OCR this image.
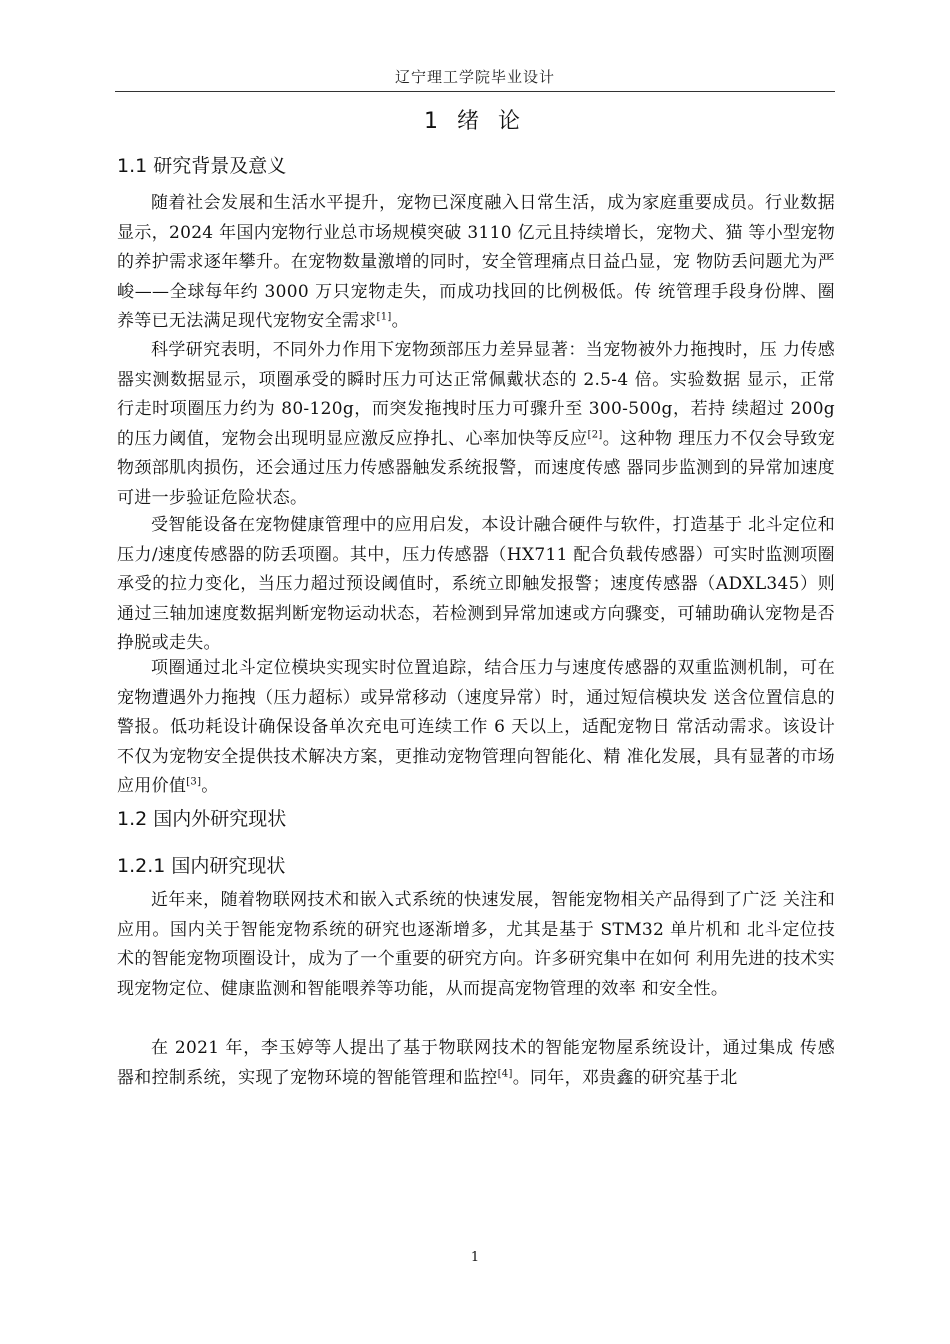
辽宁理工学院毕业设计
1 绪 论
1.1 研究背景及意义

随着社会发展和生活水平提升，宠物已深度融入日常生活，成为家庭重要成员。行业数据显示，2024 年国内宠物行业总市场规模突破 3110 亿元且持续增长，宠物犬、猫 等小型宠物的养护需求逐年攀升。在宠物数量激增的同时，安全管理痛点日益凸显，宠 物防丢问题尤为严峻——全球每年约 3000 万只宠物走失，而成功找回的比例极低。传 统管理手段身份牌、圈养等已无法满足现代宠物安全需求[1]。

科学研究表明，不同外力作用下宠物颈部压力差异显著：当宠物被外力拖拽时，压 力传感器实测数据显示，项圈承受的瞬时压力可达正常佩戴状态的 2.5-4 倍。实验数据 显示，正常行走时项圈压力约为 80-120g，而突发拖拽时压力可骤升至 300-500g，若持 续超过 200g 的压力阈值，宠物会出现明显应激反应挣扎、心率加快等反应[2]。这种物 理压力不仅会导致宠物颈部肌肉损伤，还会通过压力传感器触发系统报警，而速度传感 器同步监测到的异常加速度可进一步验证危险状态。

受智能设备在宠物健康管理中的应用启发，本设计融合硬件与软件，打造基于 北斗定位和压力/速度传感器的防丢项圈。其中，压力传感器（HX711 配合负载传感器）可实时监测项圈承受的拉力变化，当压力超过预设阈值时，系统立即触发报警；速度传感器（ADXL345）则通过三轴加速度数据判断宠物运动状态，若检测到异常加速或方向骤变，可辅助确认宠物是否挣脱或走失。

项圈通过北斗定位模块实现实时位置追踪，结合压力与速度传感器的双重监测机制，可在宠物遭遇外力拖拽（压力超标）或异常移动（速度异常）时，通过短信模块发 送含位置信息的警报。低功耗设计确保设备单次充电可连续工作 6 天以上，适配宠物日 常活动需求。该设计不仅为宠物安全提供技术解决方案，更推动宠物管理向智能化、精 准化发展，具有显著的市场应用价值[3]。

1.2 国内外研究现状
1.2.1 国内研究现状

近年来，随着物联网技术和嵌入式系统的快速发展，智能宠物相关产品得到了广泛 关注和应用。国内关于智能宠物系统的研究也逐渐增多，尤其是基于 STM32 单片机和 北斗定位技术的智能宠物项圈设计，成为了一个重要的研究方向。许多研究集中在如何 利用先进的技术实现宠物定位、健康监测和智能喂养等功能，从而提高宠物管理的效率 和安全性。

在 2021 年，李玉婷等人提出了基于物联网技术的智能宠物屋系统设计，通过集成 传感器和控制系统，实现了宠物环境的智能管理和监控[4]。同年，邓贵鑫的研究基于北

1
